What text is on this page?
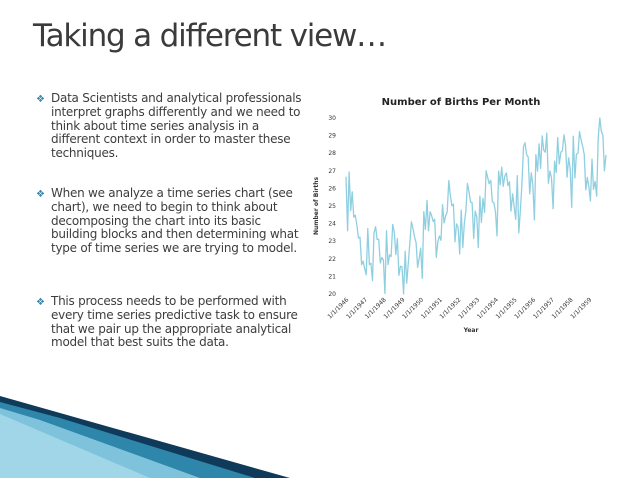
Taking a different view…
❖ Data Scientists and analytical professionals interpret graphs differently and we need to think about time series analysis in a different context in order to master these techniques.
❖ When we analyze a time series chart (see chart), we need to begin to think about decomposing the chart into its basic building blocks and then determining what type of time series we are trying to model.
❖ This process needs to be performed with every time series predictive task to ensure that we pair up the appropriate analytical model that best suits the data.
Number of Births Per Month
Number of Births
Year
20
21
22
23
24
25
26
27
28
29
30
1/1/1946
1/1/1947
1/1/1948
1/1/1949
1/1/1950
1/1/1951
1/1/1952
1/1/1953
1/1/1954
1/1/1955
1/1/1956
1/1/1957
1/1/1958
1/1/1959
